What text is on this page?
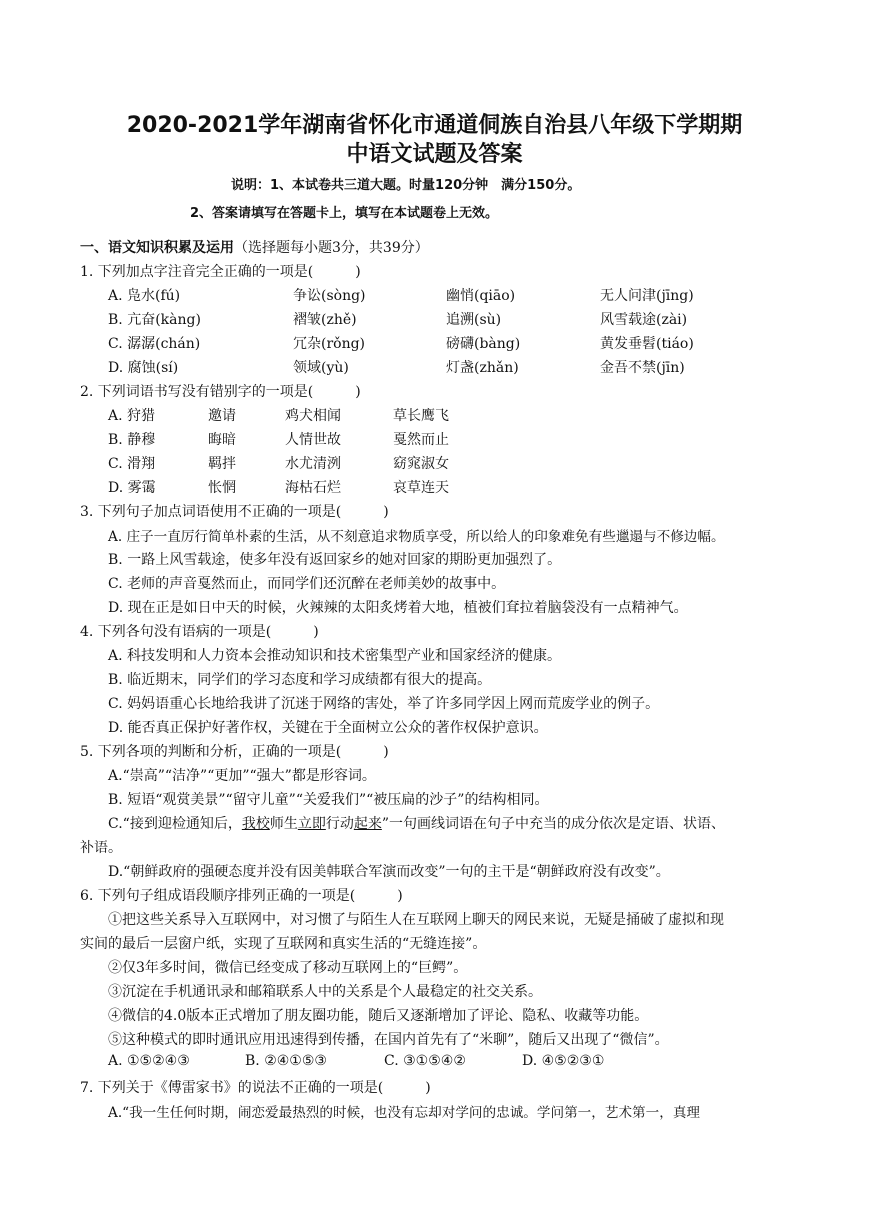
2020-2021学年湖南省怀化市通道侗族自治县八年级下学期期
中语文试题及答案
说明：1、本试卷共三道大题。时量120分钟　满分150分。
2、答案请填写在答题卡上，填写在本试题卷上无效。
一、语文知识积累及运用（选择题每小题3分，共39分）
1. 下列加点字注音完全正确的一项是(　　　)
A. 凫水(fú)	争讼(sòng)	幽悄(qiāo)	无人问津(jīng)
B. 亢奋(kàng)	褶皱(zhě)	追溯(sù)	风雪载途(zài)
C. 潺潺(chán)	冗杂(rǒng)	磅礴(bàng)	黄发垂髫(tiáo)
D. 腐蚀(sí)	领域(yù)	灯盏(zhǎn)	金吾不禁(jīn)
2. 下列词语书写没有错别字的一项是(　　　)
A. 狩猎	邀请	鸡犬相闻	草长鹰飞
B. 静穆	晦暗	人情世故	戛然而止
C. 滑翔	羁拌	水尤清洌	窈窕淑女
D. 雾霭	怅惘	海枯石烂	哀草连天
3. 下列句子加点词语使用不正确的一项是(　　　)
A. 庄子一直厉行简单朴素的生活，从不刻意追求物质享受，所以给人的印象难免有些邋遢与不修边幅。
B. 一路上风雪载途，使多年没有返回家乡的她对回家的期盼更加强烈了。
C. 老师的声音戛然而止，而同学们还沉醉在老师美妙的故事中。
D. 现在正是如日中天的时候，火辣辣的太阳炙烤着大地，植被们耷拉着脑袋没有一点精神气。
4. 下列各句没有语病的一项是(　　　)
A. 科技发明和人力资本会推动知识和技术密集型产业和国家经济的健康。
B. 临近期末，同学们的学习态度和学习成绩都有很大的提高。
C. 妈妈语重心长地给我讲了沉迷于网络的害处，举了许多同学因上网而荒废学业的例子。
D. 能否真正保护好著作权，关键在于全面树立公众的著作权保护意识。
5. 下列各项的判断和分析，正确的一项是(　　　)
A.“崇高”“洁净”“更加”“强大”都是形容词。
B. 短语“观赏美景”“留守儿童”“关爱我们”“被压扁的沙子”的结构相同。
C.“接到迎检通知后，我校师生立即行动起来”一句画线词语在句子中充当的成分依次是定语、状语、
补语。
D.“朝鲜政府的强硬态度并没有因美韩联合军演而改变”一句的主干是“朝鲜政府没有改变”。
6. 下列句子组成语段顺序排列正确的一项是(　　　)
①把这些关系导入互联网中，对习惯了与陌生人在互联网上聊天的网民来说，无疑是捅破了虚拟和现
实间的最后一层窗户纸，实现了互联网和真实生活的“无缝连接”。
②仅3年多时间，微信已经变成了移动互联网上的“巨鳄”。
③沉淀在手机通讯录和邮箱联系人中的关系是个人最稳定的社交关系。
④微信的4.0版本正式增加了朋友圈功能，随后又逐渐增加了评论、隐私、收藏等功能。
⑤这种模式的即时通讯应用迅速得到传播，在国内首先有了“米聊”，随后又出现了“微信”。
A. ①⑤②④③	B. ②④①⑤③	C. ③①⑤④②	D. ④⑤②③①
7. 下列关于《傅雷家书》的说法不正确的一项是(　　　)
A.“我一生任何时期，闹恋爱最热烈的时候，也没有忘却对学问的忠诚。学问第一，艺术第一，真理
